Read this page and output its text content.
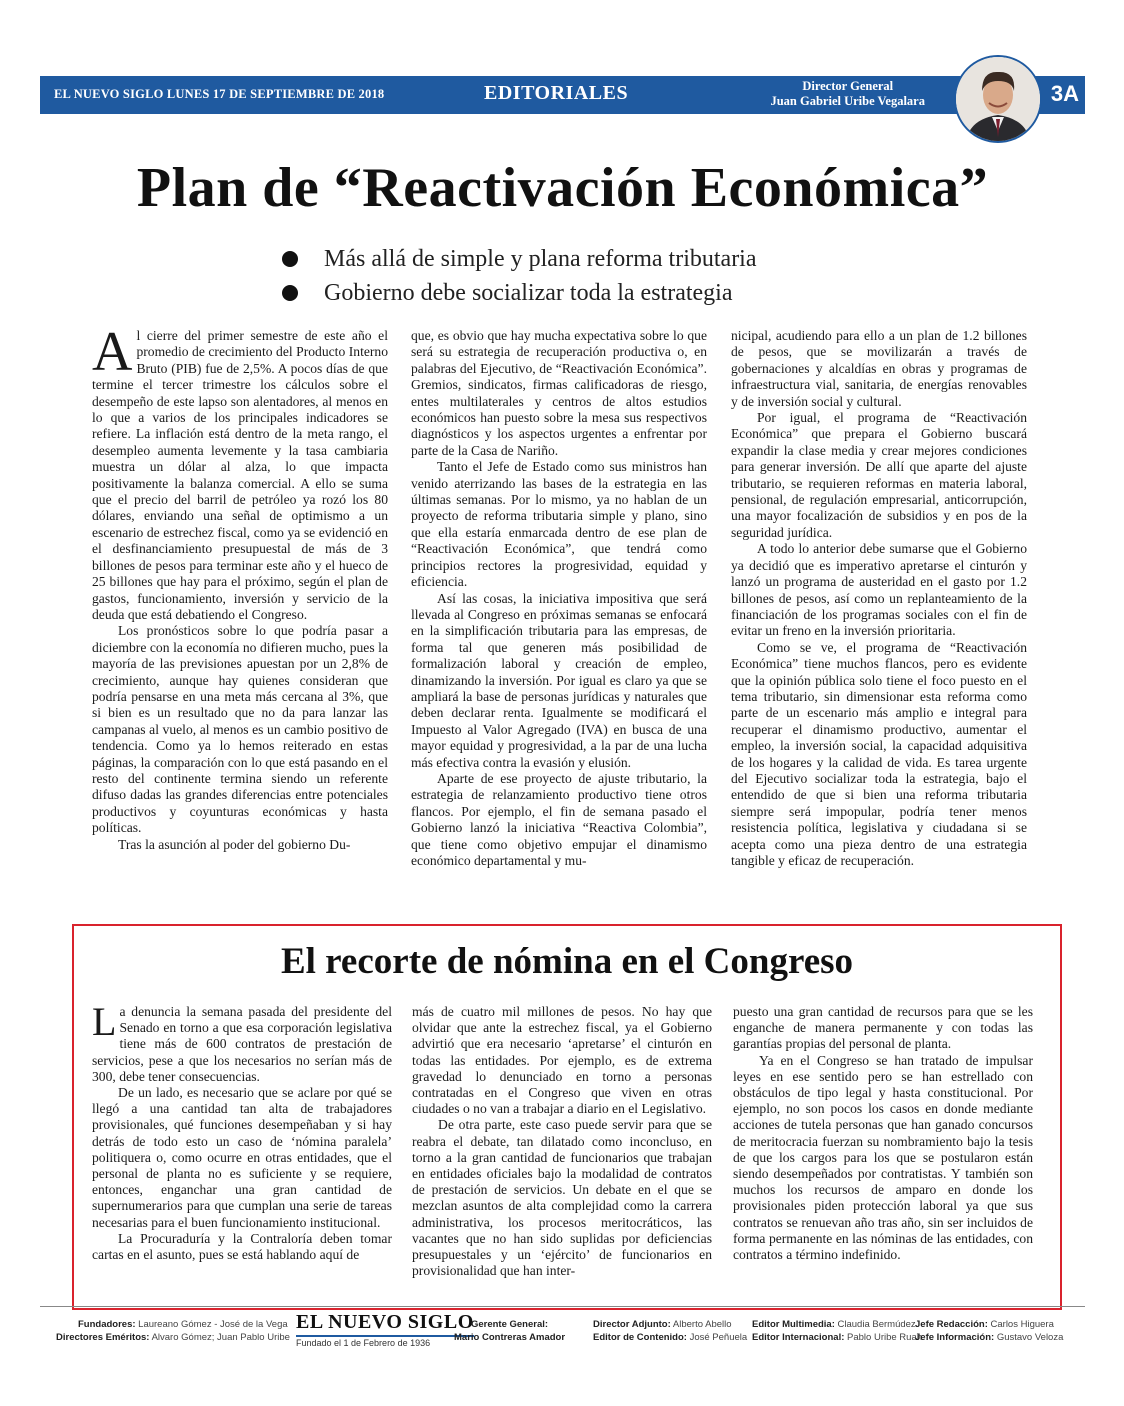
EL NUEVO SIGLO LUNES 17 DE SEPTIEMBRE DE 2018	EDITORIALES	Director General
Juan Gabriel Uribe Vegalara	3A
Plan de “Reactivación Económica”
Más allá de simple y plana reforma tributaria
Gobierno debe socializar toda la estrategia

Al cierre del primer semestre de este año el promedio de crecimiento del Producto Interno Bruto (PIB) fue de 2,5%. A pocos días de que termine el tercer trimestre los cálculos sobre el desempeño de este lapso son alentadores, al menos en lo que a varios de los principales indicadores se refiere. La inflación está dentro de la meta rango, el desempleo aumenta levemente y la tasa cambiaria muestra un dólar al alza, lo que impacta positivamente la balanza comercial. A ello se suma que el precio del barril de petróleo ya rozó los 80 dólares, enviando una señal de optimismo a un escenario de estrechez fiscal, como ya se evidenció en el desfinanciamiento presupuestal de más de 3 billones de pesos para terminar este año y el hueco de 25 billones que hay para el próximo, según el plan de gastos, funcionamiento, inversión y servicio de la deuda que está debatiendo el Congreso.

Los pronósticos sobre lo que podría pasar a diciembre con la economía no difieren mucho, pues la mayoría de las previsiones apuestan por un 2,8% de crecimiento, aunque hay quienes consideran que podría pensarse en una meta más cercana al 3%, que si bien es un resultado que no da para lanzar las campanas al vuelo, al menos es un cambio positivo de tendencia. Como ya lo hemos reiterado en estas páginas, la comparación con lo que está pasando en el resto del continente termina siendo un referente difuso dadas las grandes diferencias entre potenciales productivos y coyunturas económicas y hasta políticas.

Tras la asunción al poder del gobierno Du-

que, es obvio que hay mucha expectativa sobre lo que será su estrategia de recuperación productiva o, en palabras del Ejecutivo, de “Reactivación Económica”. Gremios, sindicatos, firmas calificadoras de riesgo, entes multilaterales y centros de altos estudios económicos han puesto sobre la mesa sus respectivos diagnósticos y los aspectos urgentes a enfrentar por parte de la Casa de Nariño.

Tanto el Jefe de Estado como sus ministros han venido aterrizando las bases de la estrategia en las últimas semanas. Por lo mismo, ya no hablan de un proyecto de reforma tributaria simple y plano, sino que ella estaría enmarcada dentro de ese plan de “Reactivación Económica”, que tendrá como principios rectores la progresividad, equidad y eficiencia.

Así las cosas, la iniciativa impositiva que será llevada al Congreso en próximas semanas se enfocará en la simplificación tributaria para las empresas, de forma tal que generen más posibilidad de formalización laboral y creación de empleo, dinamizando la inversión. Por igual es claro ya que se ampliará la base de personas jurídicas y naturales que deben declarar renta. Igualmente se modificará el Impuesto al Valor Agregado (IVA) en busca de una mayor equidad y progresividad, a la par de una lucha más efectiva contra la evasión y elusión.

Aparte de ese proyecto de ajuste tributario, la estrategia de relanzamiento productivo tiene otros flancos. Por ejemplo, el fin de semana pasado el Gobierno lanzó la iniciativa “Reactiva Colombia”, que tiene como objetivo empujar el dinamismo económico departamental y mu-

nicipal, acudiendo para ello a un plan de 1.2 billones de pesos, que se movilizarán a través de gobernaciones y alcaldías en obras y programas de infraestructura vial, sanitaria, de energías renovables y de inversión social y cultural.

Por igual, el programa de “Reactivación Económica” que prepara el Gobierno buscará expandir la clase media y crear mejores condiciones para generar inversión. De allí que aparte del ajuste tributario, se requieren reformas en materia laboral, pensional, de regulación empresarial, anticorrupción, una mayor focalización de subsidios y en pos de la seguridad jurídica.

A todo lo anterior debe sumarse que el Gobierno ya decidió que es imperativo apretarse el cinturón y lanzó un programa de austeridad en el gasto por 1.2 billones de pesos, así como un replanteamiento de la financiación de los programas sociales con el fin de evitar un freno en la inversión prioritaria.

Como se ve, el programa de “Reactivación Económica” tiene muchos flancos, pero es evidente que la opinión pública solo tiene el foco puesto en el tema tributario, sin dimensionar esta reforma como parte de un escenario más amplio e integral para recuperar el dinamismo productivo, aumentar el empleo, la inversión social, la capacidad adquisitiva de los hogares y la calidad de vida. Es tarea urgente del Ejecutivo socializar toda la estrategia, bajo el entendido de que si bien una reforma tributaria siempre será impopular, podría tener menos resistencia política, legislativa y ciudadana si se acepta como una pieza dentro de una estrategia tangible y eficaz de recuperación.

El recorte de nómina en el Congreso

La denuncia la semana pasada del presidente del Senado en torno a que esa corporación legislativa tiene más de 600 contratos de prestación de servicios, pese a que los necesarios no serían más de 300, debe tener consecuencias.

De un lado, es necesario que se aclare por qué se llegó a una cantidad tan alta de trabajadores provisionales, qué funciones desempeñaban y si hay detrás de todo esto un caso de ‘nómina paralela’ politiquera o, como ocurre en otras entidades, que el personal de planta no es suficiente y se requiere, entonces, enganchar una gran cantidad de supernumerarios para que cumplan una serie de tareas necesarias para el buen funcionamiento institucional.

La Procuraduría y la Contraloría deben tomar cartas en el asunto, pues se está hablando aquí de

más de cuatro mil millones de pesos. No hay que olvidar que ante la estrechez fiscal, ya el Gobierno advirtió que era necesario ‘apretarse’ el cinturón en todas las entidades. Por ejemplo, es de extrema gravedad lo denunciado en torno a personas contratadas en el Congreso que viven en otras ciudades o no van a trabajar a diario en el Legislativo.

De otra parte, este caso puede servir para que se reabra el debate, tan dilatado como inconcluso, en torno a la gran cantidad de funcionarios que trabajan en entidades oficiales bajo la modalidad de contratos de prestación de servicios. Un debate en el que se mezclan asuntos de alta complejidad como la carrera administrativa, los procesos meritocráticos, las vacantes que no han sido suplidas por deficiencias presupuestales y un ‘ejército’ de funcionarios en provisionalidad que han inter-

puesto una gran cantidad de recursos para que se les enganche de manera permanente y con todas las garantías propias del personal de planta.

Ya en el Congreso se han tratado de impulsar leyes en ese sentido pero se han estrellado con obstáculos de tipo legal y hasta constitucional. Por ejemplo, no son pocos los casos en donde mediante acciones de tutela personas que han ganado concursos de meritocracia fuerzan su nombramiento bajo la tesis de que los cargos para los que se postularon están siendo desempeñados por contratistas. Y también son muchos los recursos de amparo en donde los provisionales piden protección laboral ya que sus contratos se renuevan año tras año, sin ser incluidos de forma permanente en las nóminas de las entidades, con contratos a término indefinido.

Fundadores: Laureano Gómez - José de la Vega
Directores Eméritos: Alvaro Gómez; Juan Pablo Uribe
EL NUEVO SIGLO
Fundado el 1 de Febrero de 1936
Gerente General:
Mario Contreras Amador
Director Adjunto: Alberto Abello
Editor de Contenido: José Peñuela
Editor Multimedia: Claudia Bermúdez
Editor Internacional: Pablo Uribe Ruan
Jefe Redacción: Carlos Higuera
Jefe Información: Gustavo Veloza
